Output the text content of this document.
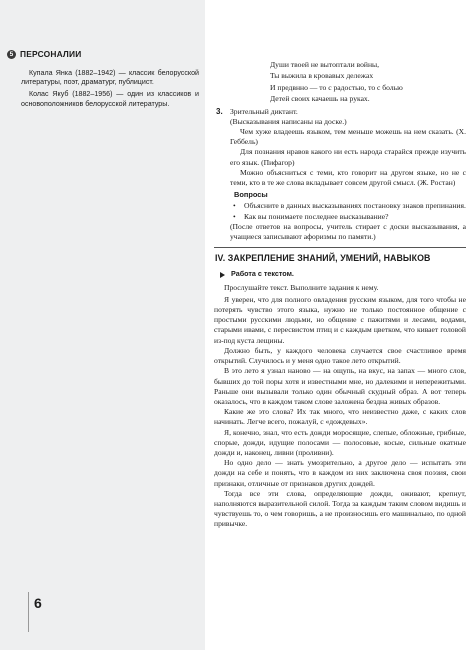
5 ПЕРСОНАЛИИ

Купала Янка (1882–1942) — классик белорусской литературы, поэт, драматург, публицист.

Колас Якуб (1882–1956) — один из классиков и основоположников белорусской литературы.

6
Души твоей не вытоптали войны,
Ты выжила в кровавых дележах
И предвнно — то с радостью, то с болью
Детей своих качаешь на руках.
3. Зрительный диктант.
(Высказывания написаны на доске.)
Чем хуже владеешь языком, тем меньше можешь на нем сказать. (Х. Геббель)
Для познания нравов какого ни есть народа старайся прежде изучить его язык. (Пифагор)
Можно объясниться с теми, кто говорит на другом языке, но не с теми, кто в те же слова вкладывает совсем другой смысл. (Ж. Ростан)
Вопросы
• Объясните в данных высказываниях постановку знаков препинания.
• Как вы понимаете последнее высказывание?
(После ответов на вопросы, учитель стирает с доски высказывания, а учащиеся записывают афоризмы по памяти.)
IV. ЗАКРЕПЛЕНИЕ ЗНАНИЙ, УМЕНИЙ, НАВЫКОВ
Работа с текстом.
Прослушайте текст. Выполните задания к нему.
Я уверен, что для полного овладения русским языком, для того чтобы не потерять чувство этого языка, нужно не только постоянное общение с простыми русскими людьми, но общение с пажитями и лесами, водами, старыми ивами, с пересвистом птиц и с каждым цветком, что кивает головой из-под куста лещины.
Должно быть, у каждого человека случается свое счастливое время открытий. Случилось и у меня одно такое лето открытий.
В это лето я узнал наново — на ощупь, на вкус, на запах — много слов, бывших до той поры хотя и известными мне, но далекими и непережитыми. Раньше они вызывали только один обычный скудный образ. А вот теперь оказалось, что в каждом таком слове заложена бездна живых образов.
Какие же это слова? Их так много, что неизвестно даже, с каких слов начинать. Легче всего, пожалуй, с «дождевых».
Я, конечно, знал, что есть дожди моросящие, слепые, обложные, грибные, спорые, дожди, идущие полосами — полосовые, косые, сильные окатные дожди и, наконец, ливни (проливни).
Но одно дело — знать умозрительно, а другое дело — испытать эти дожди на себе и понять, что в каждом из них заключена своя поэзия, свои признаки, отличные от признаков других дождей.
Тогда все эти слова, определяющие дожди, оживают, крепнут, наполняются выразительной силой. Тогда за каждым таким словом видишь и чувствуешь то, о чем говоришь, а не произносишь его машинально, по одной привычке.
